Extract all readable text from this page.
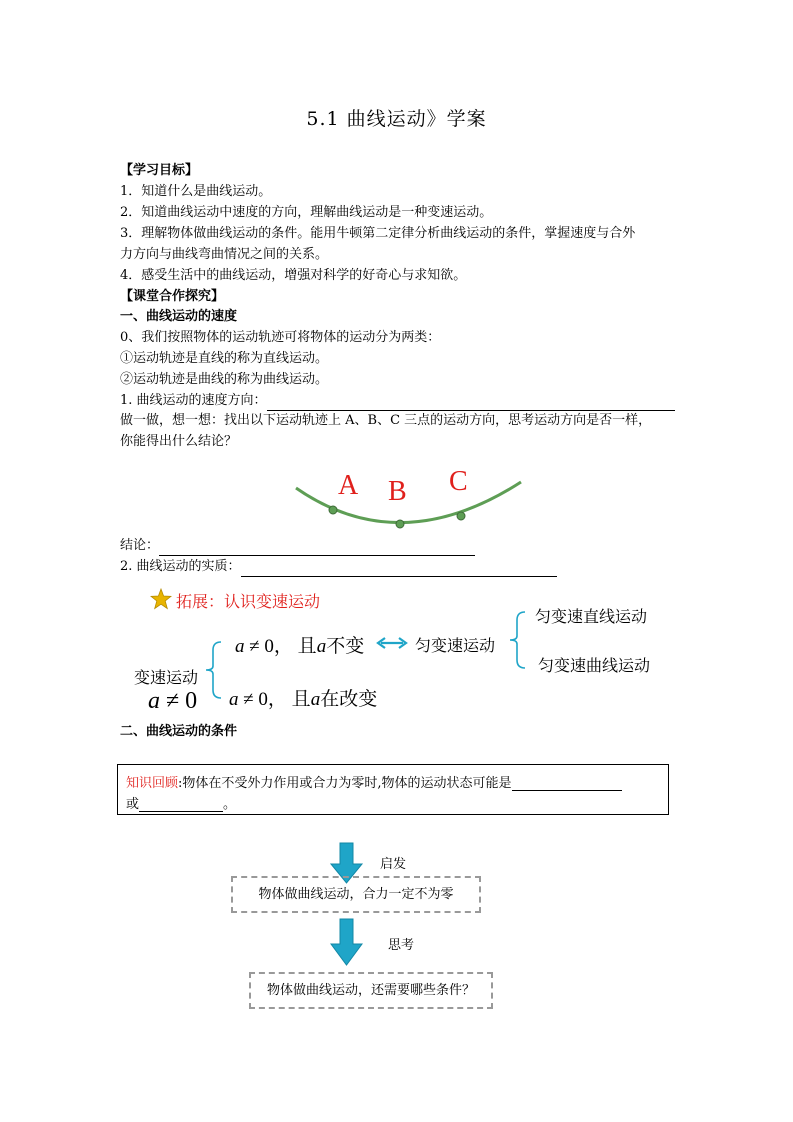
5.1 曲线运动》学案
【学习目标】
1．知道什么是曲线运动。
2．知道曲线运动中速度的方向，理解曲线运动是一种变速运动。
3．理解物体做曲线运动的条件。能用牛顿第二定律分析曲线运动的条件，掌握速度与合外
力方向与曲线弯曲情况之间的关系。
4．感受生活中的曲线运动，增强对科学的好奇心与求知欲。
【课堂合作探究】
一、曲线运动的速度
0、我们按照物体的运动轨迹可将物体的运动分为两类：
①运动轨迹是直线的称为直线运动。
②运动轨迹是曲线的称为曲线运动。
1. 曲线运动的速度方向：
做一做，想一想：找出以下运动轨迹上 A、B、C 三点的运动方向，思考运动方向是否一样，
你能得出什么结论？
A B C
结论：
2. 曲线运动的实质：
拓展：认识变速运动
变速运动
a ≠ 0
a ≠ 0， 且a不变	匀变速运动
匀变速直线运动
匀变速曲线运动
a ≠ 0， 且a在改变
二、曲线运动的条件
知识回顾:物体在不受外力作用或合力为零时,物体的运动状态可能是
或	。
启发
物体做曲线运动，合力一定不为零
思考
物体做曲线运动，还需要哪些条件？
